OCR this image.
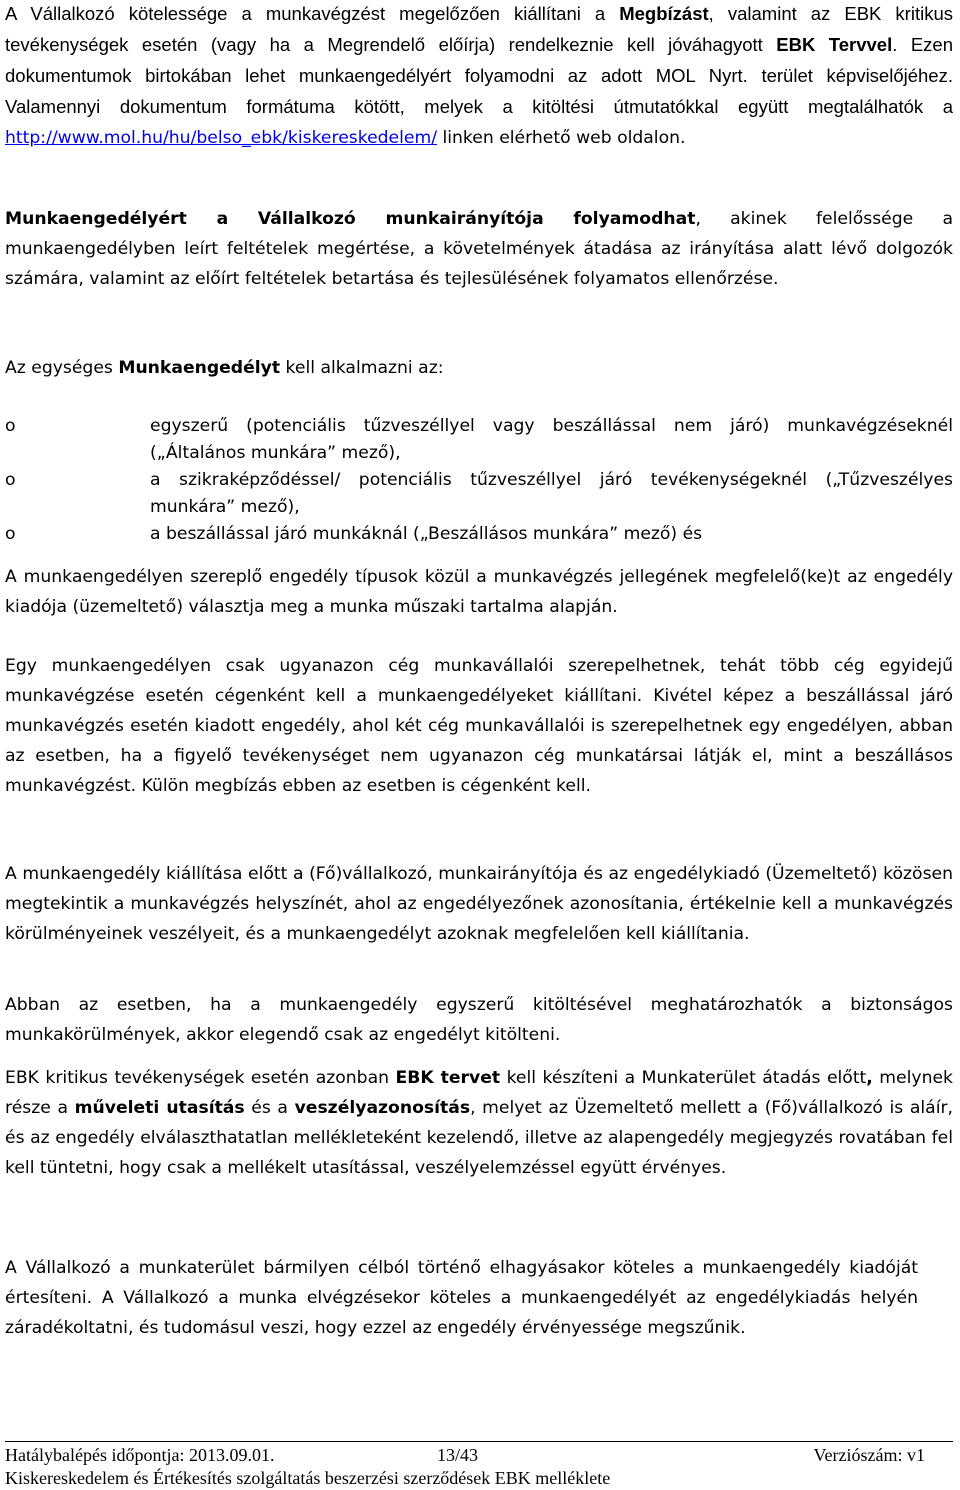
A Vállalkozó kötelessége a munkavégzést megelőzően kiállítani a Megbízást, valamint az EBK kritikus tevékenységek esetén (vagy ha a Megrendelő előírja) rendelkeznie kell jóváhagyott EBK Tervvel. Ezen dokumentumok birtokában lehet munkaengedélyért folyamodni az adott MOL Nyrt. terület képviselőjéhez. Valamennyi dokumentum formátuma kötött, melyek a kitöltési útmutatókkal együtt megtalálhatók a http://www.mol.hu/hu/belso_ebk/kiskereskedelem/ linken elérhető web oldalon.

Munkaengedélyért a Vállalkozó munkairányítója folyamodhat, akinek felelőssége a munkaengedélyben leírt feltételek megértése, a követelmények átadása az irányítása alatt lévő dolgozók számára, valamint az előírt feltételek betartása és tejlesülésének folyamatos ellenőrzése.

Az egységes Munkaengedélyt kell alkalmazni az:

o	egyszerű (potenciális tűzveszéllyel vagy beszállással nem járó) munkavégzéseknél („Általános munkára” mező),
o	a szikraképződéssel/ potenciális tűzveszéllyel járó tevékenységeknél („Tűzveszélyes munkára” mező),
o	a beszállással járó munkáknál („Beszállásos munkára” mező) és

A munkaengedélyen szereplő engedély típusok közül a munkavégzés jellegének megfelelő(ke)t az engedély kiadója (üzemeltető) választja meg a munka műszaki tartalma alapján.

Egy munkaengedélyen csak ugyanazon cég munkavállalói szerepelhetnek, tehát több cég egyidejű munkavégzése esetén cégenként kell a munkaengedélyeket kiállítani. Kivétel képez a beszállással járó munkavégzés esetén kiadott engedély, ahol két cég munkavállalói is szerepelhetnek egy engedélyen, abban az esetben, ha a figyelő tevékenységet nem ugyanazon cég munkatársai látják el, mint a beszállásos munkavégzést. Külön megbízás ebben az esetben is cégenként kell.

A munkaengedély kiállítása előtt a (Fő)vállalkozó, munkairányítója és az engedélykiadó (Üzemeltető) közösen megtekintik a munkavégzés helyszínét, ahol az engedélyezőnek azonosítania, értékelnie kell a munkavégzés körülményeinek veszélyeit, és a munkaengedélyt azoknak megfelelően kell kiállítania.

Abban az esetben, ha a munkaengedély egyszerű kitöltésével meghatározhatók a biztonságos munkakörülmények, akkor elegendő csak az engedélyt kitölteni.

EBK kritikus tevékenységek esetén azonban EBK tervet kell készíteni a Munkaterület átadás előtt, melynek része a műveleti utasítás és a veszélyazonosítás, melyet az Üzemeltető mellett a (Fő)vállalkozó is aláír, és az engedély elválaszthatatlan mellékleteként kezelendő, illetve az alapengedély megjegyzés rovatában fel kell tüntetni, hogy csak a mellékelt utasítással, veszélyelemzéssel együtt érvényes.

A Vállalkozó a munkaterület bármilyen célból történő elhagyásakor köteles a munkaengedély kiadóját értesíteni. A Vállalkozó a munka elvégzésekor köteles a munkaengedélyét az engedélykiadás helyén záradékoltatni, és tudomásul veszi, hogy ezzel az engedély érvényessége megszűnik.

Hatálybalépés időpontja: 2013.09.01.	13/43	Verziószám: v1
Kiskereskedelem és Értékesítés szolgáltatás beszerzési szerződések EBK melléklete
